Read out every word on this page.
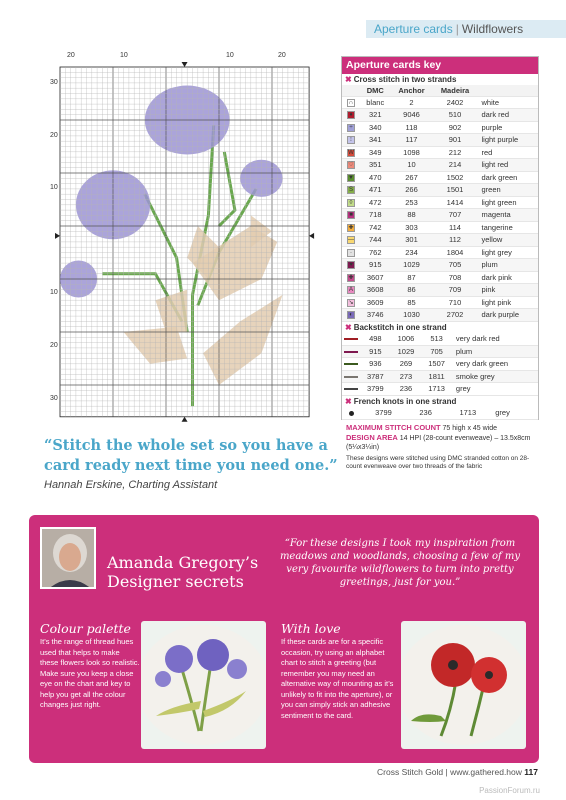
Aperture cards | Wildflowers
20	10	10	20
30
20
10
10
20
30
Aperture cards key
✖ Cross stitch in two strands
	DMC	Anchor	Madeira	
∩	blanc	2	2402	white
♦	321	9046	510	dark red
÷	340	118	902	purple
⁝	341	117	901	light purple
W	349	1098	212	red
♡	351	10	214	light red
▼	470	267	1502	dark green
S	471	266	1501	green
◊	472	253	1414	light green
■	718	88	707	magenta
✚	742	303	114	tangerine
—	744	301	112	yellow
·	762	234	1804	light grey
♥	915	1029	705	plum
✚	3607	87	708	dark pink
A	3608	86	709	pink
↘	3609	85	710	light pink
◐	3746	1030	2702	dark purple
✖ Backstitch in one strand
	498	1006	513	very dark red
	915	1029	705	plum
	936	269	1507	very dark green
	3787	273	1811	smoke grey
	3799	236	1713	grey
✖ French knots in one strand
	3799	236	1713	grey
MAXIMUM STITCH COUNT 75 high x 45 wide
DESIGN AREA 14 HPI (28-count evenweave) – 13.5x8cm (5¼x3¼in)
These designs were stitched using DMC stranded cotton on 28-count evenweave over two threads of the fabric
“Stitch the whole set so you have a card ready next time you need one.”
Hannah Erskine, Charting Assistant
Amanda Gregory’s
Designer secrets
“For these designs I took my inspiration from meadows and woodlands, choosing a few of my very favourite wildflowers to turn into pretty greetings, just for you.”
Colour palette
It’s the range of thread hues used that helps to make these flowers look so realistic. Make sure you keep a close eye on the chart and key to help you get all the colour changes just right.
With love
If these cards are for a specific occasion, try using an alphabet chart to stitch a greeting (but remember you may need an alternative way of mounting as it’s unlikely to fit into the aperture), or you can simply stick an adhesive sentiment to the card.
Cross Stitch Gold | www.gathered.how 117
PassionForum.ru
